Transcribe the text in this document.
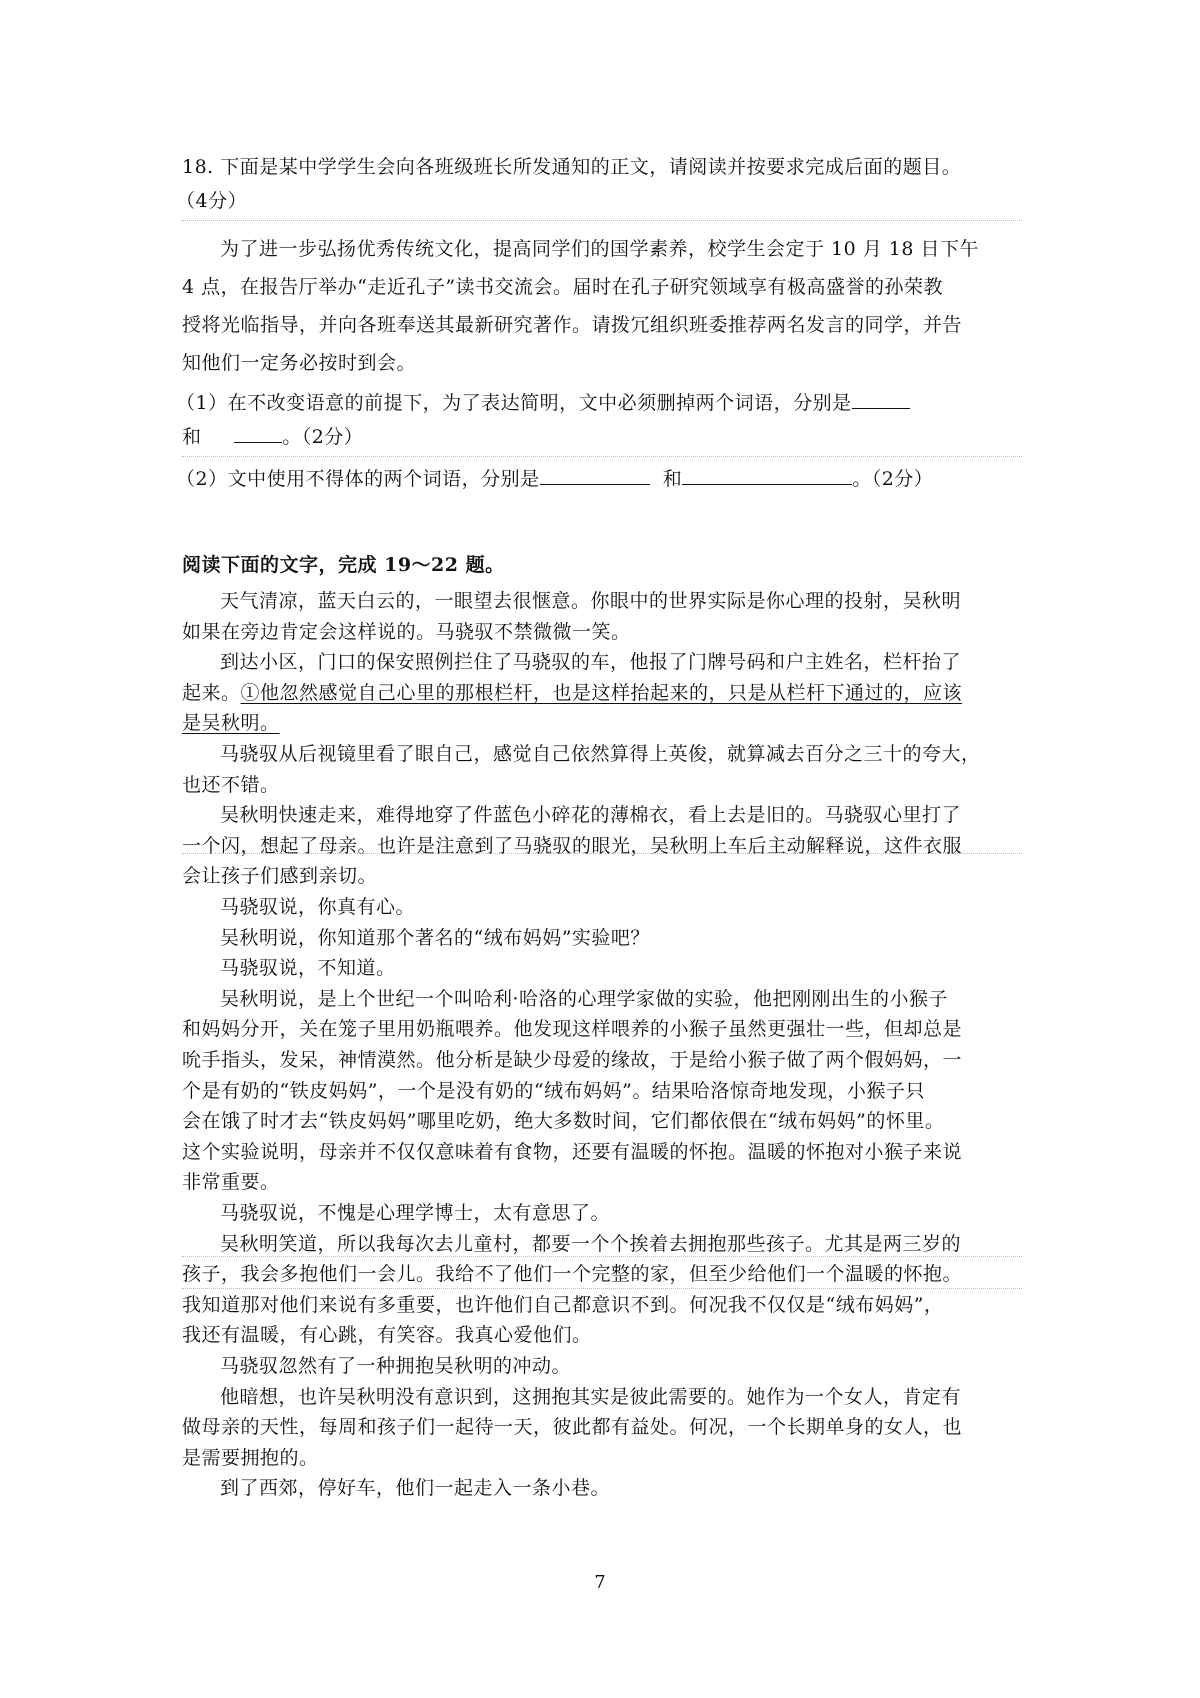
18. 下面是某中学学生会向各班级班长所发通知的正文，请阅读并按要求完成后面的题目。
（4分）
为了进一步弘扬优秀传统文化，提高同学们的国学素养，校学生会定于 10 月 18 日下午
4 点，在报告厅举办“走近孔子”读书交流会。届时在孔子研究领域享有极高盛誉的孙荣教
授将光临指导，并向各班奉送其最新研究著作。请拨冗组织班委推荐两名发言的同学，并告
知他们一定务必按时到会。
（1）在不改变语意的前提下，为了表达简明，文中必须删掉两个词语，分别是
和	。（2分）
（2）文中使用不得体的两个词语，分别是	和	。（2分）
阅读下面的文字，完成 19～22 题。
天气清凉，蓝天白云的，一眼望去很惬意。你眼中的世界实际是你心理的投射，吴秋明
如果在旁边肯定会这样说的。马骁驭不禁微微一笑。
到达小区，门口的保安照例拦住了马骁驭的车，他报了门牌号码和户主姓名，栏杆抬了
起来。①他忽然感觉自己心里的那根栏杆，也是这样抬起来的，只是从栏杆下通过的，应该
是吴秋明。
马骁驭从后视镜里看了眼自己，感觉自己依然算得上英俊，就算减去百分之三十的夸大，
也还不错。
吴秋明快速走来，难得地穿了件蓝色小碎花的薄棉衣，看上去是旧的。马骁驭心里打了
一个闪，想起了母亲。也许是注意到了马骁驭的眼光，吴秋明上车后主动解释说，这件衣服
会让孩子们感到亲切。
马骁驭说，你真有心。
吴秋明说，你知道那个著名的“绒布妈妈”实验吧？
马骁驭说，不知道。
吴秋明说，是上个世纪一个叫哈利·哈洛的心理学家做的实验，他把刚刚出生的小猴子
和妈妈分开，关在笼子里用奶瓶喂养。他发现这样喂养的小猴子虽然更强壮一些，但却总是
吮手指头，发呆，神情漠然。他分析是缺少母爱的缘故，于是给小猴子做了两个假妈妈，一
个是有奶的“铁皮妈妈”，一个是没有奶的“绒布妈妈”。结果哈洛惊奇地发现，小猴子只
会在饿了时才去“铁皮妈妈”哪里吃奶，绝大多数时间，它们都依偎在“绒布妈妈”的怀里。
这个实验说明，母亲并不仅仅意味着有食物，还要有温暖的怀抱。温暖的怀抱对小猴子来说
非常重要。
马骁驭说，不愧是心理学博士，太有意思了。
吴秋明笑道，所以我每次去儿童村，都要一个个挨着去拥抱那些孩子。尤其是两三岁的
孩子，我会多抱他们一会儿。我给不了他们一个完整的家，但至少给他们一个温暖的怀抱。
我知道那对他们来说有多重要，也许他们自己都意识不到。何况我不仅仅是“绒布妈妈”，
我还有温暖，有心跳，有笑容。我真心爱他们。
马骁驭忽然有了一种拥抱吴秋明的冲动。
他暗想，也许吴秋明没有意识到，这拥抱其实是彼此需要的。她作为一个女人，肯定有
做母亲的天性，每周和孩子们一起待一天，彼此都有益处。何况，一个长期单身的女人，也
是需要拥抱的。
到了西郊，停好车，他们一起走入一条小巷。
7
